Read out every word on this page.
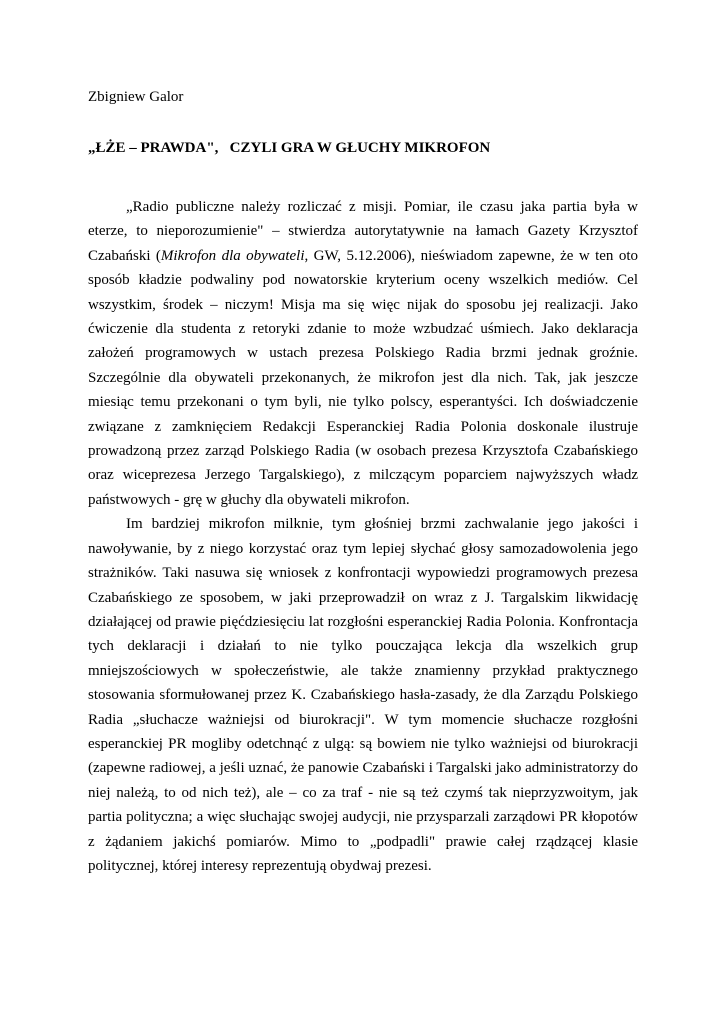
Zbigniew Galor

„ŁŻE – PRAWDA",   CZYLI GRA W GŁUCHY MIKROFON

„Radio publiczne należy rozliczać z misji. Pomiar, ile czasu jaka partia była w eterze, to nieporozumienie" – stwierdza autorytatywnie na łamach Gazety Krzysztof Czabański (Mikrofon dla obywateli, GW, 5.12.2006), nieświadom zapewne, że w ten oto sposób kładzie podwaliny pod nowatorskie kryterium oceny wszelkich mediów. Cel wszystkim, środek – niczym! Misja ma się więc nijak do sposobu jej realizacji. Jako ćwiczenie dla studenta z retoryki zdanie to może wzbudzać uśmiech. Jako deklaracja założeń programowych w ustach prezesa Polskiego Radia brzmi jednak groźnie. Szczególnie dla obywateli przekonanych, że mikrofon jest dla nich. Tak, jak jeszcze miesiąc temu przekonani o tym byli, nie tylko polscy, esperantyści. Ich doświadczenie związane z zamknięciem Redakcji Esperanckiej Radia Polonia doskonale ilustruje prowadzoną przez zarząd Polskiego Radia (w osobach prezesa Krzysztofa Czabańskiego oraz wiceprezesa Jerzego Targalskiego), z milczącym poparciem najwyższych władz państwowych - grę w głuchy dla obywateli mikrofon.

Im bardziej mikrofon milknie, tym głośniej brzmi zachwalanie jego jakości i nawoływanie, by z niego korzystać oraz tym lepiej słychać głosy samozadowolenia jego strażników. Taki nasuwa się wniosek z konfrontacji wypowiedzi programowych prezesa Czabańskiego ze sposobem, w jaki przeprowadził on wraz z J. Targalskim likwidację działającej od prawie pięćdziesięciu lat rozgłośni esperanckiej Radia Polonia. Konfrontacja tych deklaracji i działań to nie tylko pouczająca lekcja dla wszelkich grup mniejszościowych w społeczeństwie, ale także znamienny przykład praktycznego stosowania sformułowanej przez K. Czabańskiego hasła-zasady, że dla Zarządu Polskiego Radia „słuchacze ważniejsi od biurokracji". W tym momencie słuchacze rozgłośni esperanckiej PR mogliby odetchnąć z ulgą: są bowiem nie tylko ważniejsi od biurokracji (zapewne radiowej, a jeśli uznać, że panowie Czabański i Targalski jako administratorzy do niej należą, to od nich też), ale – co za traf - nie są też czymś tak nieprzyzwoitym, jak partia polityczna; a więc słuchając swojej audycji, nie przysparzali zarządowi PR kłopotów z żądaniem jakichś pomiarów. Mimo to „podpadli" prawie całej rządzącej klasie politycznej, której interesy reprezentują obydwaj prezesi.
